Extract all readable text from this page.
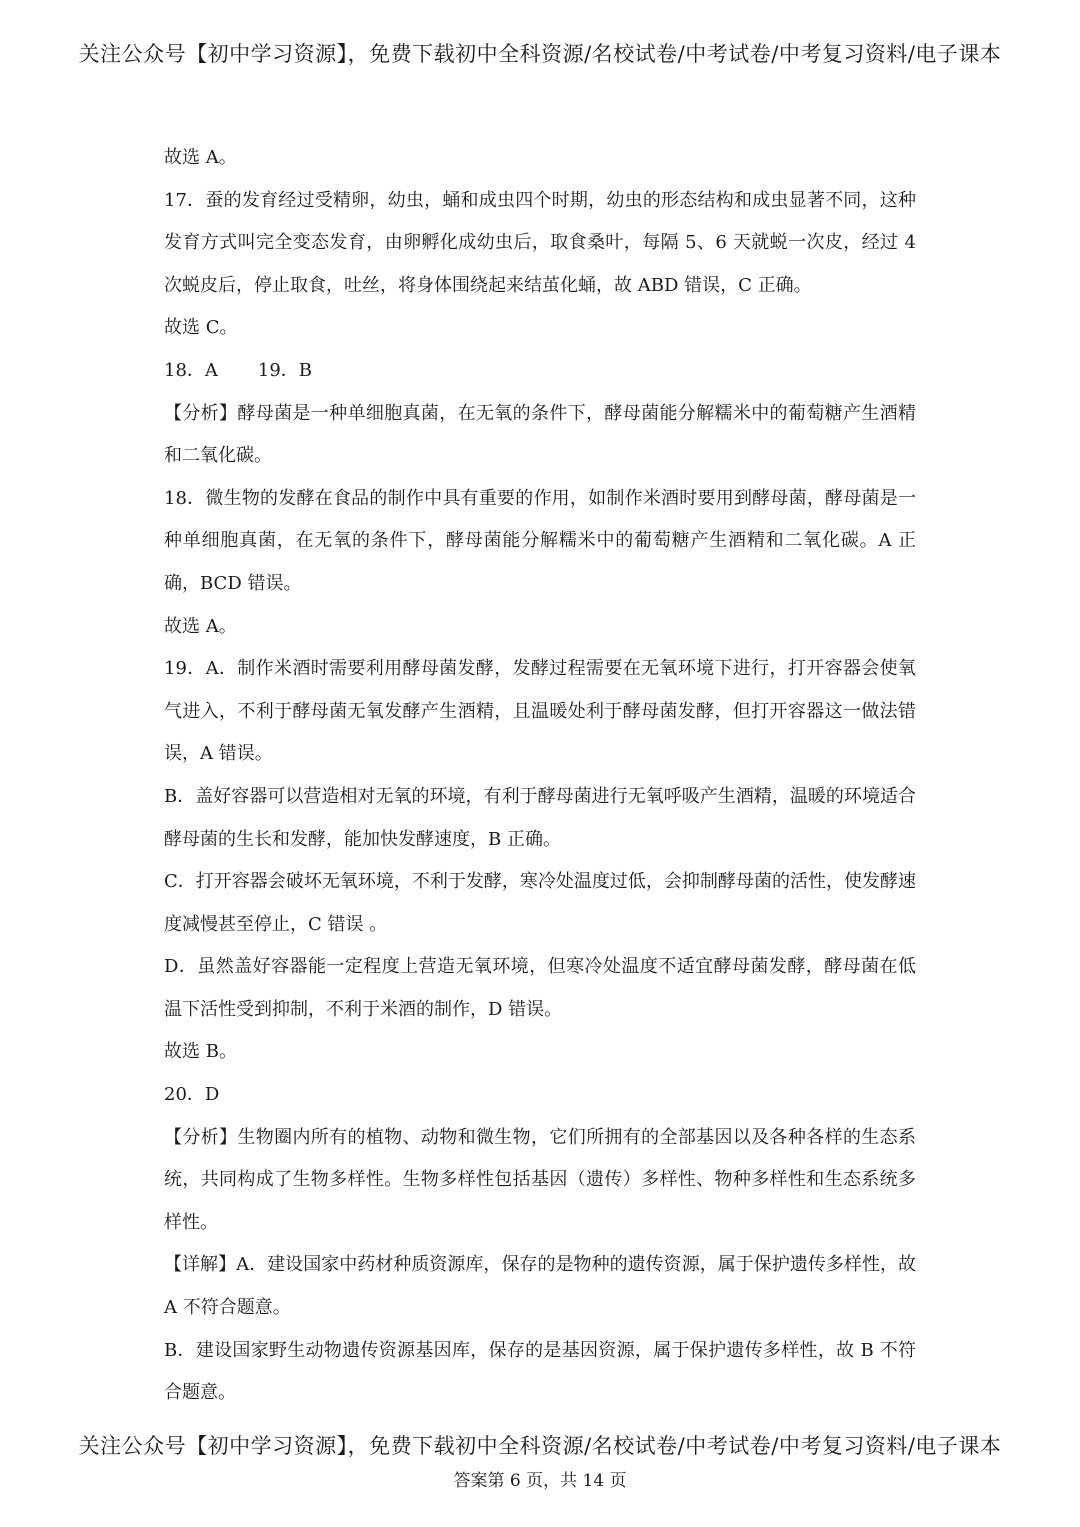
关注公众号【初中学习资源】，免费下载初中全科资源/名校试卷/中考试卷/中考复习资料/电子课本

故选 A。

17．蚕的发育经过受精卵，幼虫，蛹和成虫四个时期，幼虫的形态结构和成虫显著不同，这种发育方式叫完全变态发育，由卵孵化成幼虫后，取食桑叶，每隔 5、6 天就蜕一次皮，经过 4 次蜕皮后，停止取食，吐丝，将身体围绕起来结茧化蛹，故 ABD 错误，C 正确。

故选 C。

18．A 19．B

【分析】酵母菌是一种单细胞真菌，在无氧的条件下，酵母菌能分解糯米中的葡萄糖产生酒精和二氧化碳。

18．微生物的发酵在食品的制作中具有重要的作用，如制作米酒时要用到酵母菌，酵母菌是一种单细胞真菌，在无氧的条件下，酵母菌能分解糯米中的葡萄糖产生酒精和二氧化碳。A 正确，BCD 错误。

故选 A。

19．A．制作米酒时需要利用酵母菌发酵，发酵过程需要在无氧环境下进行，打开容器会使氧气进入，不利于酵母菌无氧发酵产生酒精，且温暖处利于酵母菌发酵，但打开容器这一做法错误，A 错误。

B．盖好容器可以营造相对无氧的环境，有利于酵母菌进行无氧呼吸产生酒精，温暖的环境适合酵母菌的生长和发酵，能加快发酵速度，B 正确。

C．打开容器会破坏无氧环境，不利于发酵，寒冷处温度过低，会抑制酵母菌的活性，使发酵速度减慢甚至停止，C 错误 。

D．虽然盖好容器能一定程度上营造无氧环境，但寒冷处温度不适宜酵母菌发酵，酵母菌在低温下活性受到抑制，不利于米酒的制作，D 错误。

故选 B。

20．D

【分析】生物圈内所有的植物、动物和微生物，它们所拥有的全部基因以及各种各样的生态系统，共同构成了生物多样性。生物多样性包括基因（遗传）多样性、物种多样性和生态系统多样性。

【详解】A．建设国家中药材种质资源库，保存的是物种的遗传资源，属于保护遗传多样性，故 A 不符合题意。

B．建设国家野生动物遗传资源基因库，保存的是基因资源，属于保护遗传多样性，故 B 不符合题意。

关注公众号【初中学习资源】，免费下载初中全科资源/名校试卷/中考试卷/中考复习资料/电子课本
答案第 6 页，共 14 页
